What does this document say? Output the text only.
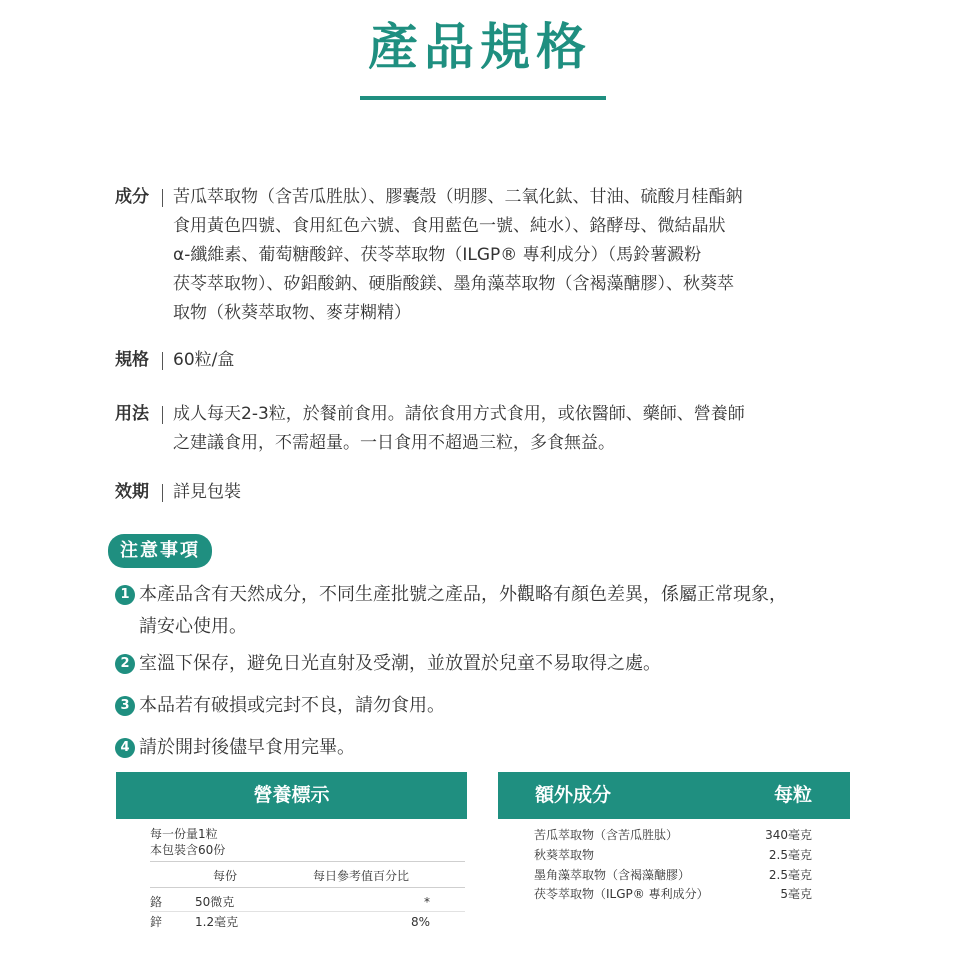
產品規格
成分 苦瓜萃取物（含苦瓜胜肽）、膠囊殼（明膠、二氧化鈦、甘油、硫酸月桂酯鈉
食用黃色四號、食用紅色六號、食用藍色一號、純水）、鉻酵母、微結晶狀
α-纖維素、葡萄糖酸鋅、茯苓萃取物（ILGP® 專利成分）（馬鈴薯澱粉
茯苓萃取物）、矽鋁酸鈉、硬脂酸鎂、墨角藻萃取物（含褐藻醣膠）、秋葵萃
取物（秋葵萃取物、麥芽糊精）
規格 60粒/盒
用法 成人每天2-3粒，於餐前食用。請依食用方式食用，或依醫師、藥師、營養師
之建議食用，不需超量。一日食用不超過三粒，多食無益。
效期 詳見包裝
注意事項
1 本產品含有天然成分，不同生產批號之產品，外觀略有顏色差異，係屬正常現象，
請安心使用。
2 室溫下保存，避免日光直射及受潮，並放置於兒童不易取得之處。
3 本品若有破損或完封不良，請勿食用。
4 請於開封後儘早食用完畢。
營養標示
每一份量1粒
本包裝含60份
每份	每日參考值百分比
鉻	50微克	*
鋅	1.2毫克	8%
額外成分	每粒
苦瓜萃取物（含苦瓜胜肽）	340毫克
秋葵萃取物	2.5毫克
墨角藻萃取物（含褐藻醣膠）	2.5毫克
茯苓萃取物（ILGP® 專利成分）	5毫克
